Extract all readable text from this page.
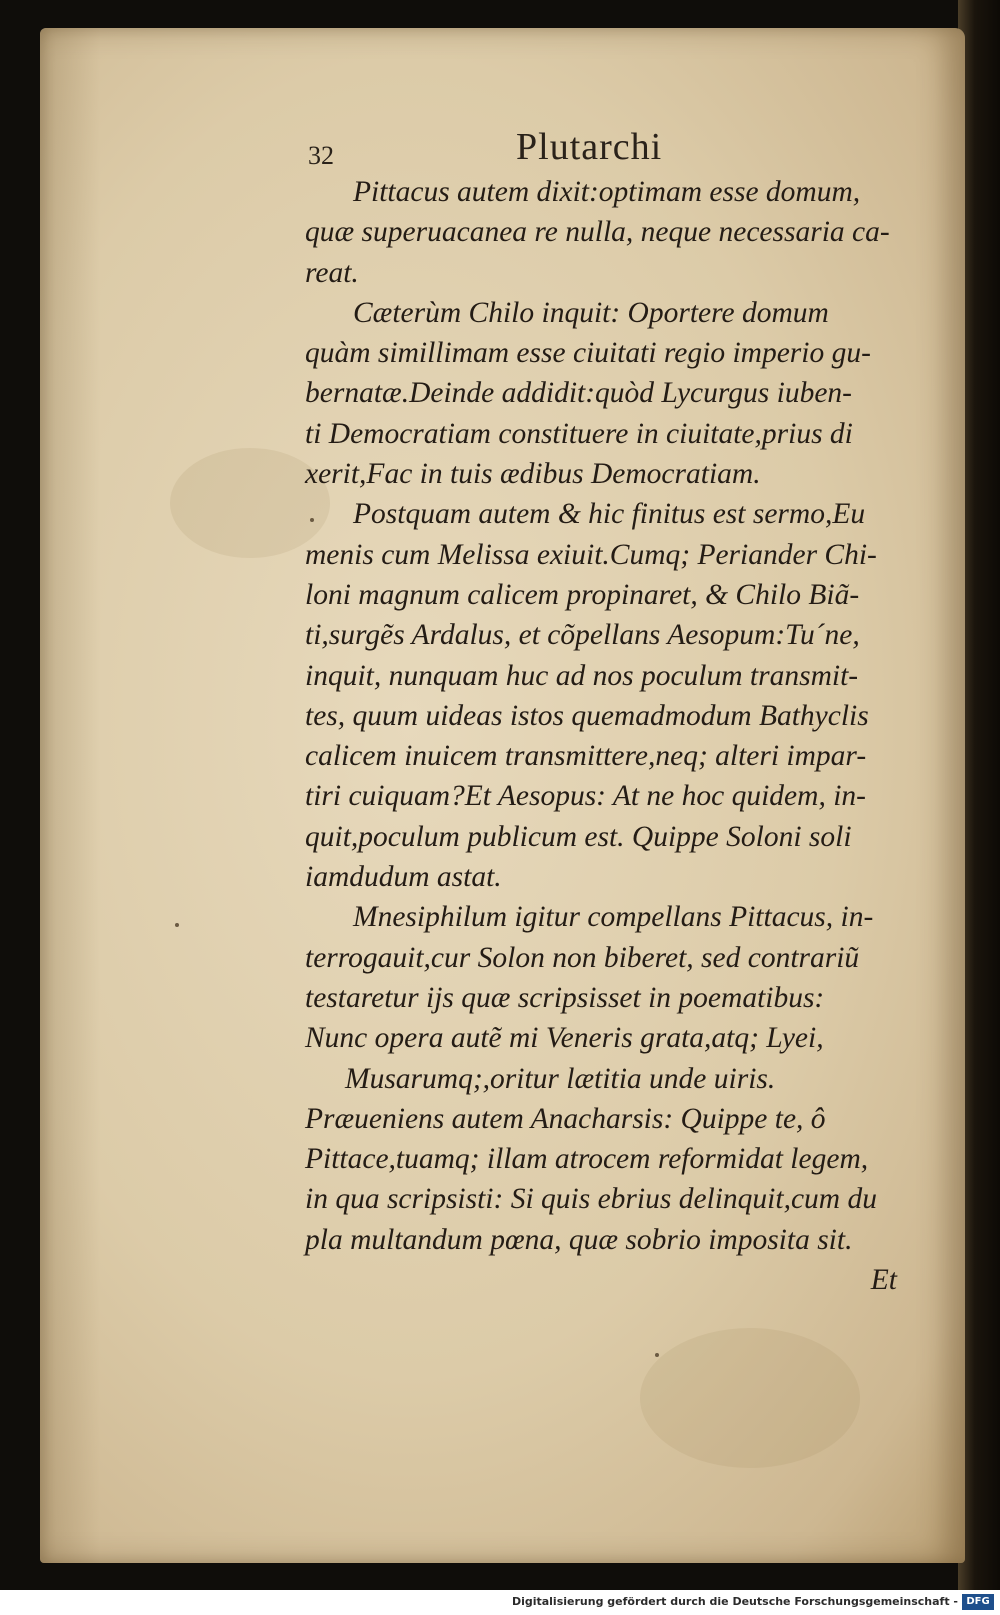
32	Plutarchi
Pittacus autem dixit:optimam esse domum,
quæ superuacanea re nulla, neque necessaria ca-
reat.
Cæterùm Chilo inquit: Oportere domum
quàm simillimam esse ciuitati regio imperio gu-
bernatæ.Deinde addidit:quòd Lycurgus iuben-
ti Democratiam constituere in ciuitate,prius di
xerit,Fac in tuis ædibus Democratiam.
Postquam autem & hic finitus est sermo,Eu
menis cum Melissa exiuit.Cumq; Periander Chi-
loni magnum calicem propinaret, & Chilo Biã-
ti,surgẽs Ardalus, et cõpellans Aesopum:Tu´ne,
inquit, nunquam huc ad nos poculum transmit-
tes, quum uideas istos quemadmodum Bathyclis
calicem inuicem transmittere,neq; alteri impar-
tiri cuiquam?Et Aesopus: At ne hoc quidem, in-
quit,poculum publicum est. Quippe Soloni soli
iamdudum astat.
Mnesiphilum igitur compellans Pittacus, in-
terrogauit,cur Solon non biberet, sed contrariũ
testaretur ijs quæ scripsisset in poematibus:
Nunc opera autẽ mi Veneris grata,atq; Lyei,
Musarumq;,oritur lætitia unde uiris.
Præueniens autem Anacharsis: Quippe te, ô
Pittace,tuamq; illam atrocem reformidat legem,
in qua scripsisti: Si quis ebrius delinquit,cum du
pla multandum pœna, quæ sobrio imposita sit.
Et
Digitalisierung gefördert durch die Deutsche Forschungsgemeinschaft - DFG
